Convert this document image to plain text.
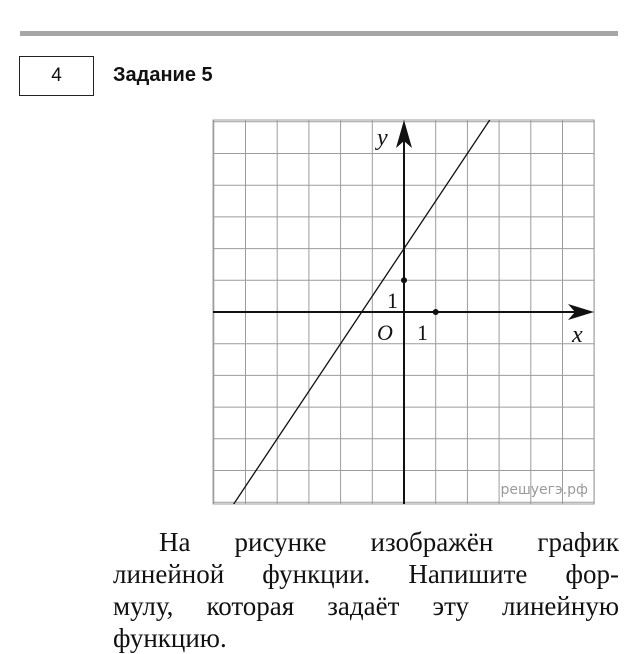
4	Задание 5
y
x
O 1
1
решуегэ.рф

На рисунке изображён график
линейной функции. Напишите фор-
мулу, которая задаёт эту линейную
функцию.
